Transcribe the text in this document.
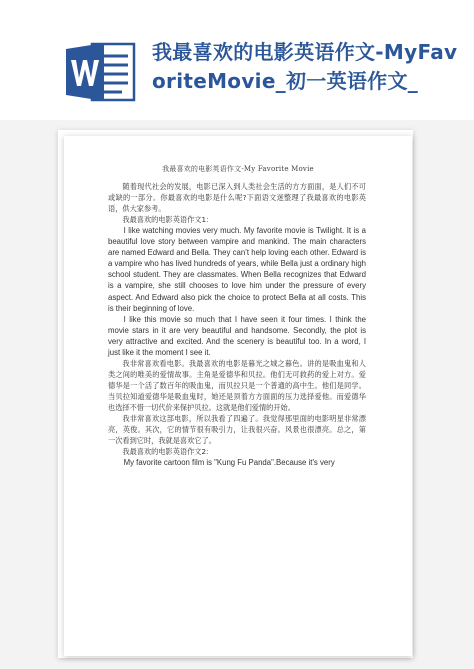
我最喜欢的电影英语作文-MyFavoriteMovie_初一英语作文_
我最喜欢的电影英语作文-My Favorite Movie

随着现代社会的发展，电影已深入到人类社会生活的方方面面，是人们不可或缺的一部分。你最喜欢的电影是什么呢?下面语文迷整理了我最喜欢的电影英语，供大家参考。

我最喜欢的电影英语作文1：

I like watching movies very much. My favorite movie is Twilight. It is a beautiful love story between vampire and mankind. The main characters are named Edward and Bella. They can’t help loving each other. Edward is a vampire who has lived hundreds of years, while Bella just a ordinary high school student. They are classmates. When Bella recognizes that Edward is a vampire, she still chooses to love him under the pressure of every aspect. And Edward also pick the choice to protect Bella at all costs. This is their beginning of love.

I like this movie so much that I have seen it four times. I think the movie stars in it are very beautiful and handsome. Secondly, the plot is very attractive and excited. And the scenery is beautiful too. In a word, I just like it the moment I see it.

我非常喜欢看电影。我最喜欢的电影是暮光之城之暮色。讲的是吸血鬼和人类之间的唯美的爱情故事。主角是爱德华和贝拉。他们无可救药的爱上对方。爱德华是一个活了数百年的吸血鬼，而贝拉只是一个普通的高中生。他们是同学。当贝拉知道爱德华是吸血鬼时，她还是顶着方方面面的压力选择爱他。而爱德华也选择不惜一切代价来保护贝拉。这就是他们爱情的开始。

我非常喜欢这部电影，所以我看了四遍了。我觉得那里面的电影明星非常漂亮，英俊。其次，它的情节很有吸引力，让我很兴奋。风景也很漂亮。总之，第一次看到它时，我就是喜欢它了。

我最喜欢的电影英语作文2：

My favorite cartoon film is "Kung Fu Panda".Because it's very
